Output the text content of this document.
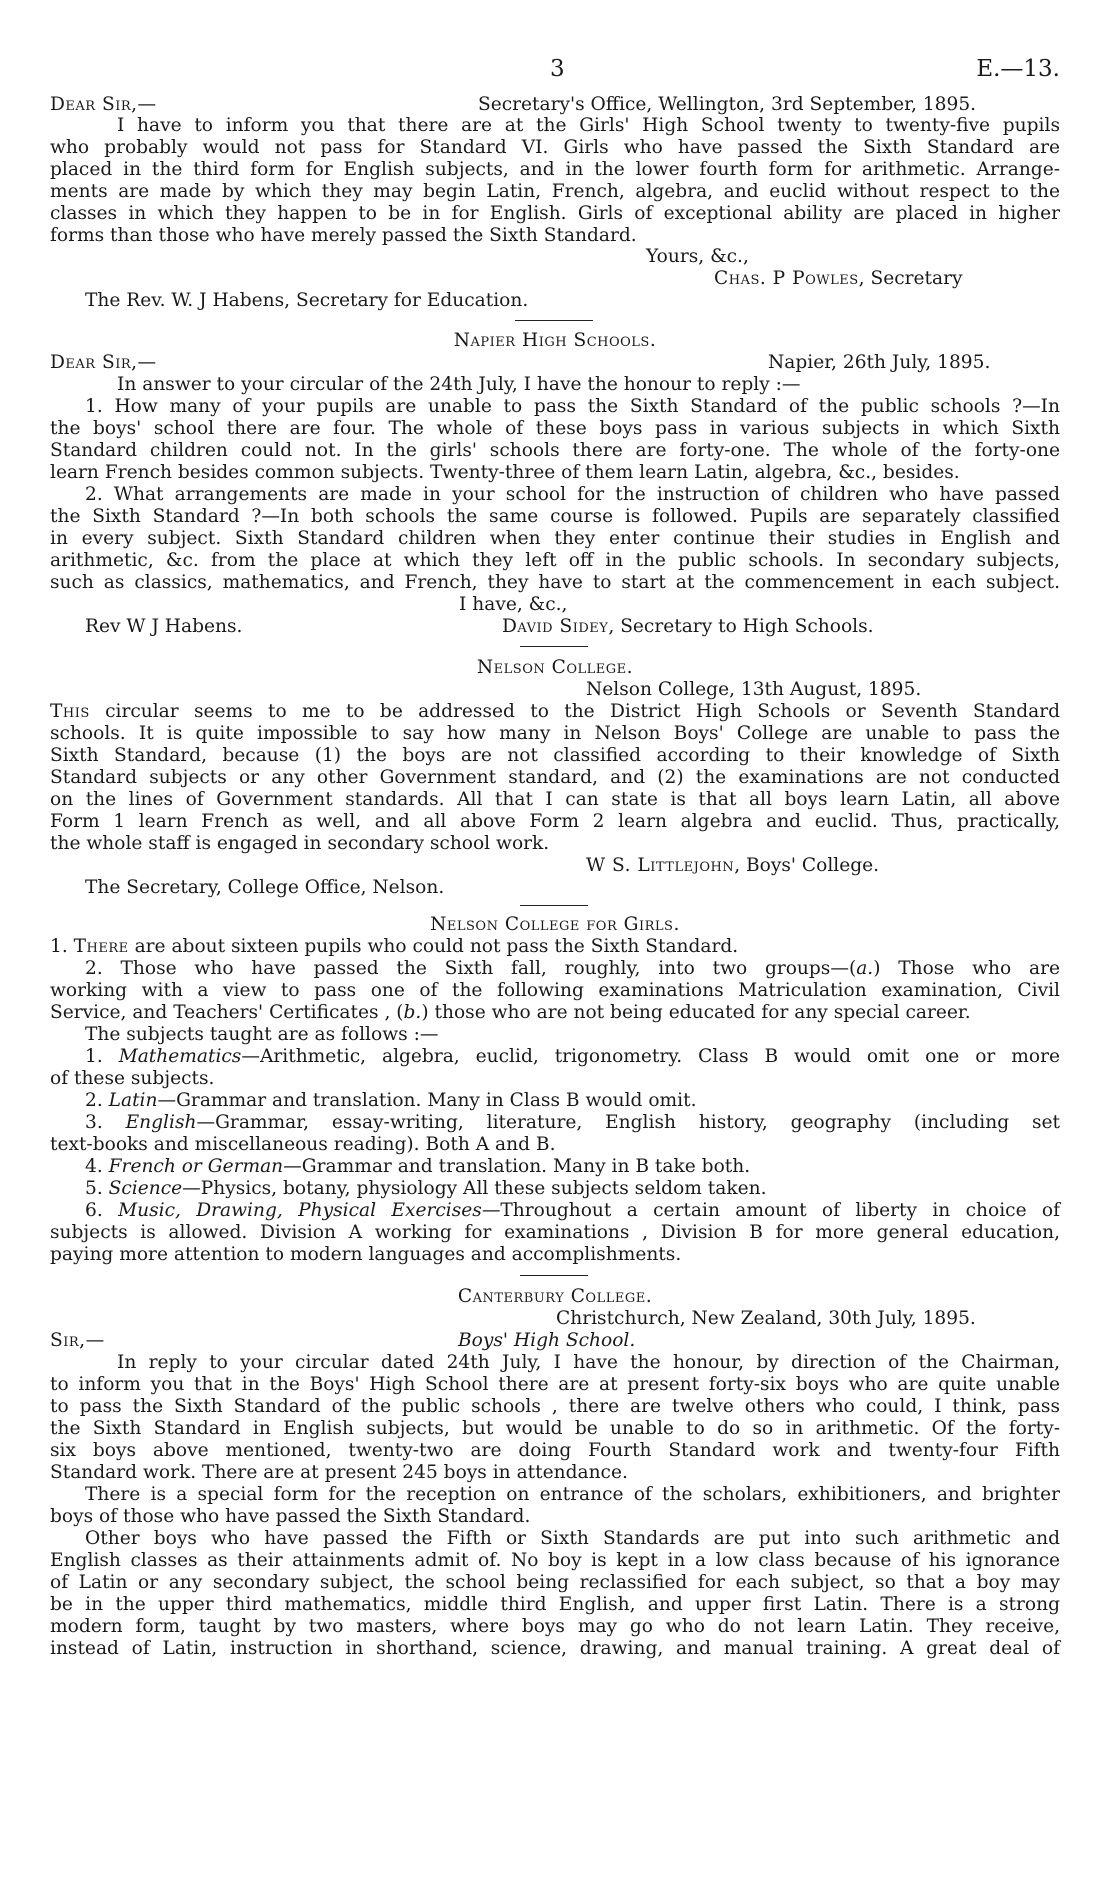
3	E.—13.
Dear Sir,—	Secretary's Office, Wellington, 3rd September, 1895.
I have to inform you that there are at the Girls' High School twenty to twenty-five pupils
who probably would not pass for Standard VI. Girls who have passed the Sixth Standard are
placed in the third form for English subjects, and in the lower fourth form for arithmetic. Arrange-
ments are made by which they may begin Latin, French, algebra, and euclid without respect to the
classes in which they happen to be in for English. Girls of exceptional ability are placed in higher
forms than those who have merely passed the Sixth Standard.
Yours, &c.,
Chas. P Powles, Secretary
The Rev. W. J Habens, Secretary for Education.
Napier High Schools.
Dear Sir,—	Napier, 26th July, 1895.
In answer to your circular of the 24th July, I have the honour to reply :—
1. How many of your pupils are unable to pass the Sixth Standard of the public schools ?—In
the boys' school there are four. The whole of these boys pass in various subjects in which Sixth
Standard children could not. In the girls' schools there are forty-one. The whole of the forty-one
learn French besides common subjects. Twenty-three of them learn Latin, algebra, &c., besides.
2. What arrangements are made in your school for the instruction of children who have passed
the Sixth Standard ?—In both schools the same course is followed. Pupils are separately classified
in every subject. Sixth Standard children when they enter continue their studies in English and
arithmetic, &c. from the place at which they left off in the public schools. In secondary subjects,
such as classics, mathematics, and French, they have to start at the commencement in each subject.
I have, &c.,
Rev W J Habens.	David Sidey, Secretary to High Schools.
Nelson College.
Nelson College, 13th August, 1895.
This circular seems to me to be addressed to the District High Schools or Seventh Standard
schools. It is quite impossible to say how many in Nelson Boys' College are unable to pass the
Sixth Standard, because (1) the boys are not classified according to their knowledge of Sixth
Standard subjects or any other Government standard, and (2) the examinations are not conducted
on the lines of Government standards. All that I can state is that all boys learn Latin, all above
Form 1 learn French as well, and all above Form 2 learn algebra and euclid. Thus, practically,
the whole staff is engaged in secondary school work.
W S. Littlejohn, Boys' College.
The Secretary, College Office, Nelson.
Nelson College for Girls.
1. There are about sixteen pupils who could not pass the Sixth Standard.
2. Those who have passed the Sixth fall, roughly, into two groups—(a.) Those who are
working with a view to pass one of the following examinations Matriculation examination, Civil
Service, and Teachers' Certificates , (b.) those who are not being educated for any special career.
The subjects taught are as follows :—
1. Mathematics—Arithmetic, algebra, euclid, trigonometry. Class B would omit one or more
of these subjects.
2. Latin—Grammar and translation. Many in Class B would omit.
3. English—Grammar, essay-writing, literature, English history, geography (including set
text-books and miscellaneous reading). Both A and B.
4. French or German—Grammar and translation. Many in B take both.
5. Science—Physics, botany, physiology All these subjects seldom taken.
6. Music, Drawing, Physical Exercises—Throughout a certain amount of liberty in choice of
subjects is allowed. Division A working for examinations , Division B for more general education,
paying more attention to modern languages and accomplishments.
Canterbury College.
Christchurch, New Zealand, 30th July, 1895.
Sir,—	Boys' High School.
In reply to your circular dated 24th July, I have the honour, by direction of the Chairman,
to inform you that in the Boys' High School there are at present forty-six boys who are quite unable
to pass the Sixth Standard of the public schools , there are twelve others who could, I think, pass
the Sixth Standard in English subjects, but would be unable to do so in arithmetic. Of the forty-
six boys above mentioned, twenty-two are doing Fourth Standard work and twenty-four Fifth
Standard work. There are at present 245 boys in attendance.
There is a special form for the reception on entrance of the scholars, exhibitioners, and brighter
boys of those who have passed the Sixth Standard.
Other boys who have passed the Fifth or Sixth Standards are put into such arithmetic and
English classes as their attainments admit of. No boy is kept in a low class because of his ignorance
of Latin or any secondary subject, the school being reclassified for each subject, so that a boy may
be in the upper third mathematics, middle third English, and upper first Latin. There is a strong
modern form, taught by two masters, where boys may go who do not learn Latin. They receive,
instead of Latin, instruction in shorthand, science, drawing, and manual training. A great deal of
